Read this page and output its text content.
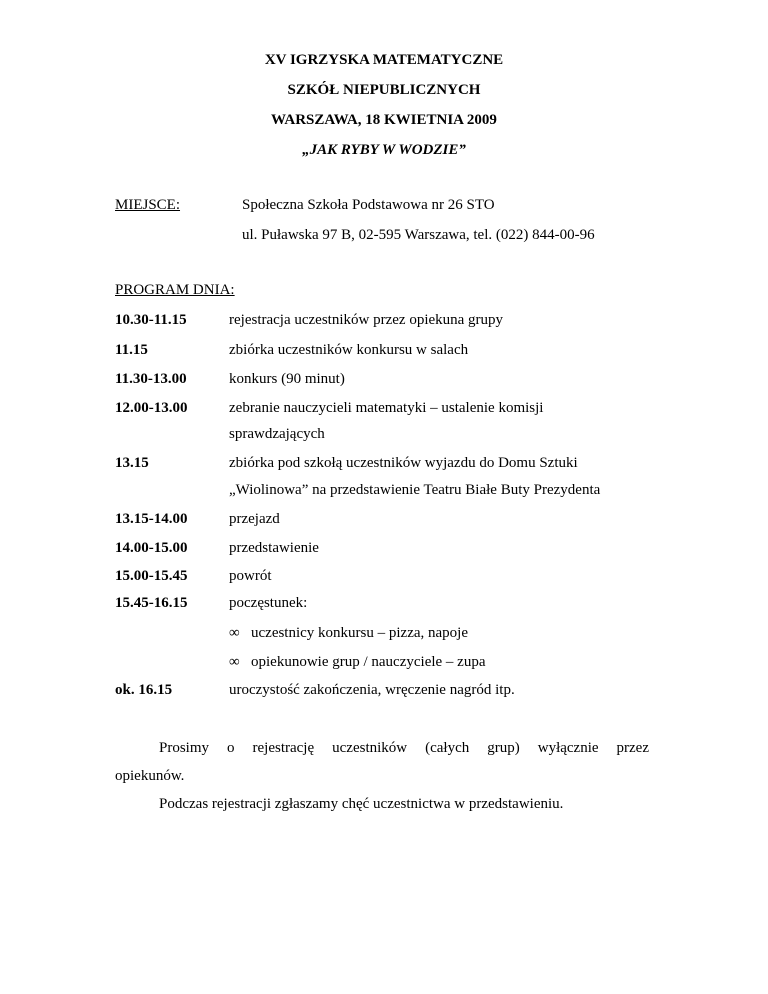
XV IGRZYSKA MATEMATYCZNE
SZKÓŁ NIEPUBLICZNYCH
WARSZAWA, 18 KWIETNIA 2009
„JAK RYBY W WODZIE”
MIEJSCE:	Społeczna Szkoła Podstawowa nr 26 STO
ul. Puławska 97 B, 02-595 Warszawa, tel. (022) 844-00-96
PROGRAM DNIA:
10.30-11.15	rejestracja uczestników przez opiekuna grupy
11.15	zbiórka uczestników konkursu w salach
11.30-13.00	konkurs (90 minut)
12.00-13.00	zebranie nauczycieli matematyki – ustalenie komisji
sprawdzających
13.15	zbiórka pod szkołą uczestników wyjazdu do Domu Sztuki
„Wiolinowa” na przedstawienie Teatru Białe Buty Prezydenta
13.15-14.00	przejazd
14.00-15.00	przedstawienie
15.00-15.45	powrót
15.45-16.15	poczęstunek:
∞ uczestnicy konkursu – pizza, napoje
∞ opiekunowie grup / nauczyciele – zupa
ok. 16.15	uroczystość zakończenia, wręczenie nagród itp.
Prosimy o rejestrację uczestników (całych grup) wyłącznie przez
opiekunów.
Podczas rejestracji zgłaszamy chęć uczestnictwa w przedstawieniu.
